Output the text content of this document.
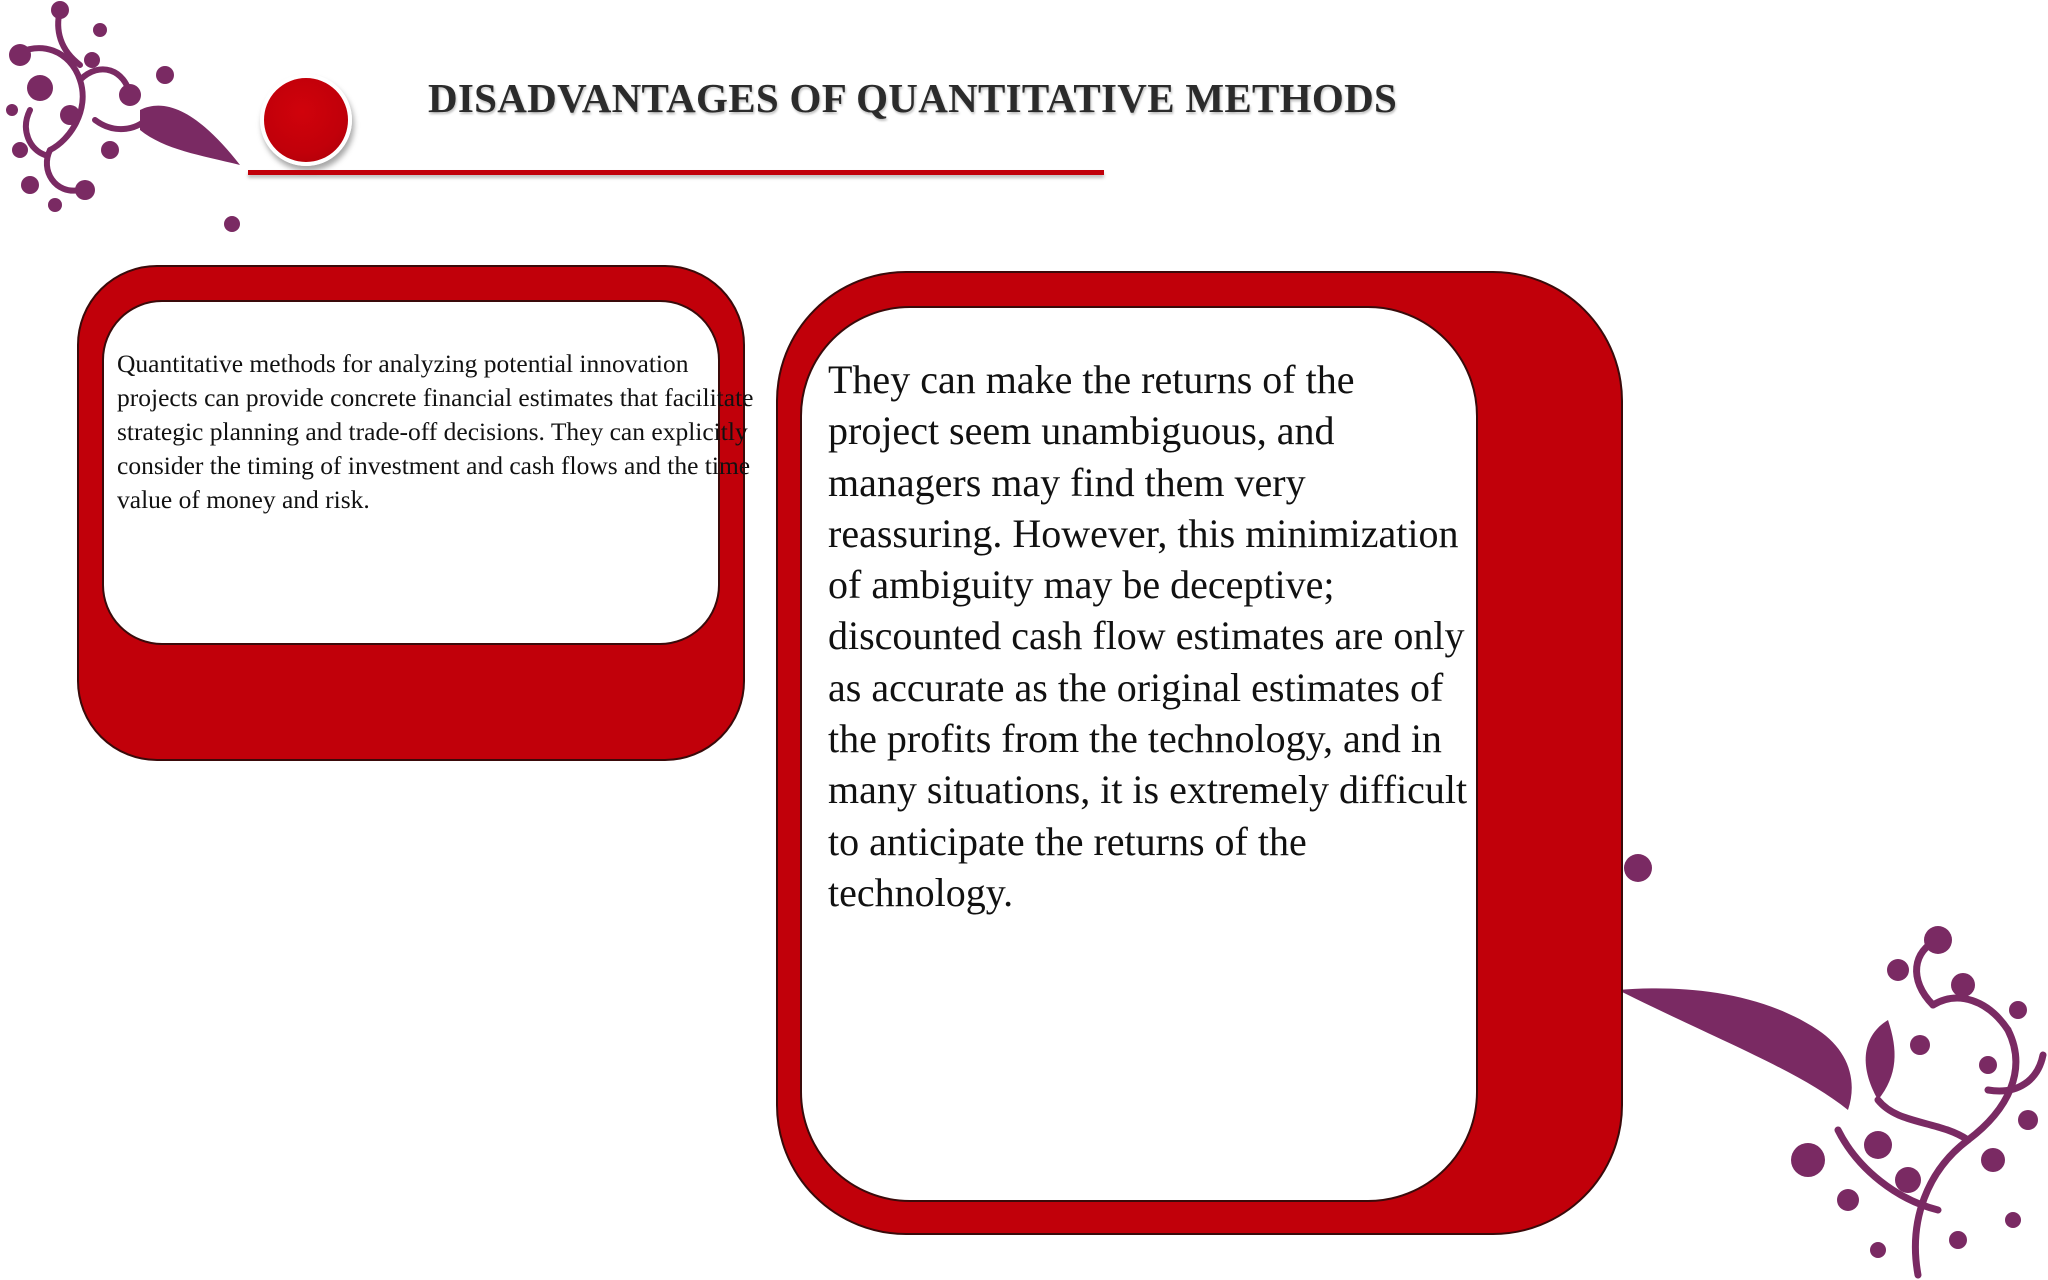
DISADVANTAGES OF QUANTITATIVE METHODS

Quantitative methods for analyzing potential innovation projects can provide concrete financial estimates that facilitate strategic planning and trade-off decisions. They can explicitly consider the timing of investment and cash flows and the time value of money and risk.

They can make the returns of the project seem unambiguous, and managers may find them very reassuring. However, this minimization of ambiguity may be deceptive; discounted cash flow estimates are only as accurate as the original estimates of the profits from the technology, and in many situations, it is extremely difficult to anticipate the returns of the technology.
